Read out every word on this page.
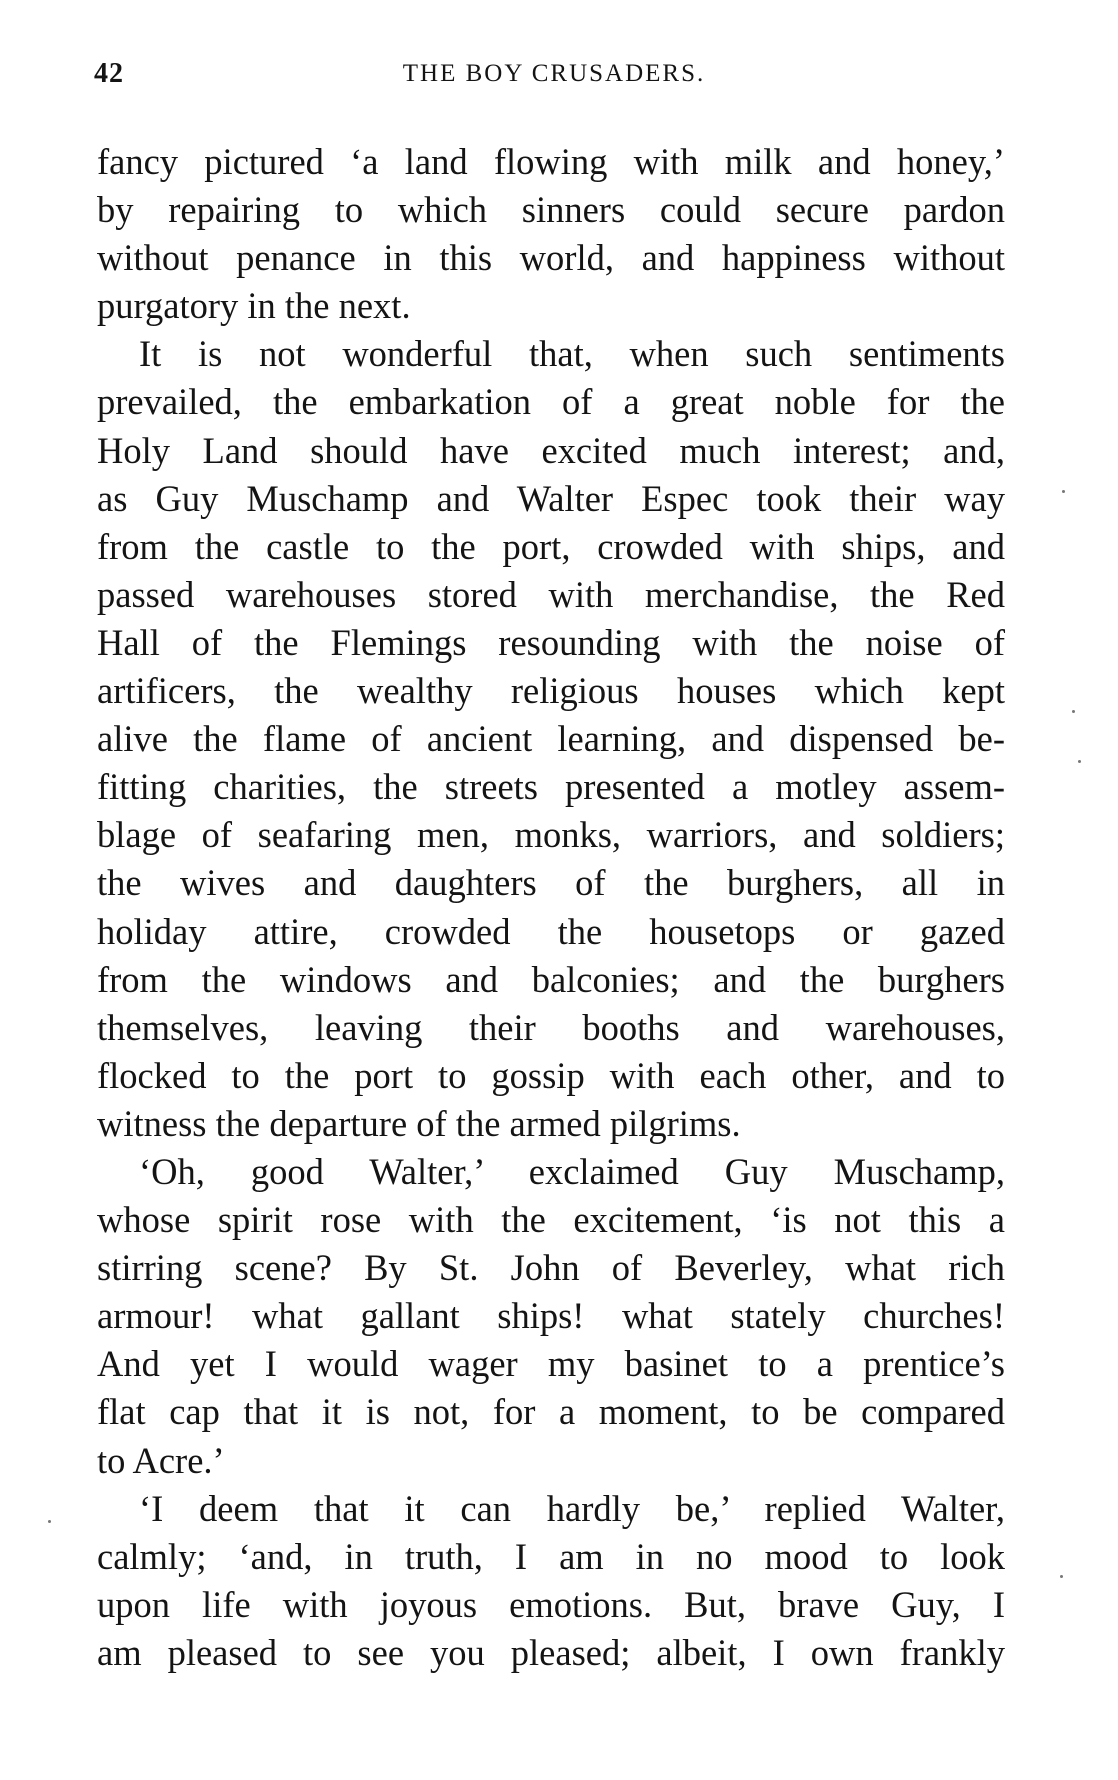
42	THE BOY CRUSADERS.
fancy pictured ‘a land flowing with milk and honey,’
by repairing to which sinners could secure pardon
without penance in this world, and happiness without
purgatory in the next.
It is not wonderful that, when such sentiments
prevailed, the embarkation of a great noble for the
Holy Land should have excited much interest; and,
as Guy Muschamp and Walter Espec took their way
from the castle to the port, crowded with ships, and
passed warehouses stored with merchandise, the Red
Hall of the Flemings resounding with the noise of
artificers, the wealthy religious houses which kept
alive the flame of ancient learning, and dispensed be-
fitting charities, the streets presented a motley assem-
blage of seafaring men, monks, warriors, and soldiers;
the wives and daughters of the burghers, all in
holiday attire, crowded the housetops or gazed
from the windows and balconies; and the burghers
themselves, leaving their booths and warehouses,
flocked to the port to gossip with each other, and to
witness the departure of the armed pilgrims.
‘Oh, good Walter,’ exclaimed Guy Muschamp,
whose spirit rose with the excitement, ‘is not this a
stirring scene? By St. John of Beverley, what rich
armour! what gallant ships! what stately churches!
And yet I would wager my basinet to a prentice’s
flat cap that it is not, for a moment, to be compared
to Acre.’
‘I deem that it can hardly be,’ replied Walter,
calmly; ‘and, in truth, I am in no mood to look
upon life with joyous emotions. But, brave Guy, I
am pleased to see you pleased; albeit, I own frankly
